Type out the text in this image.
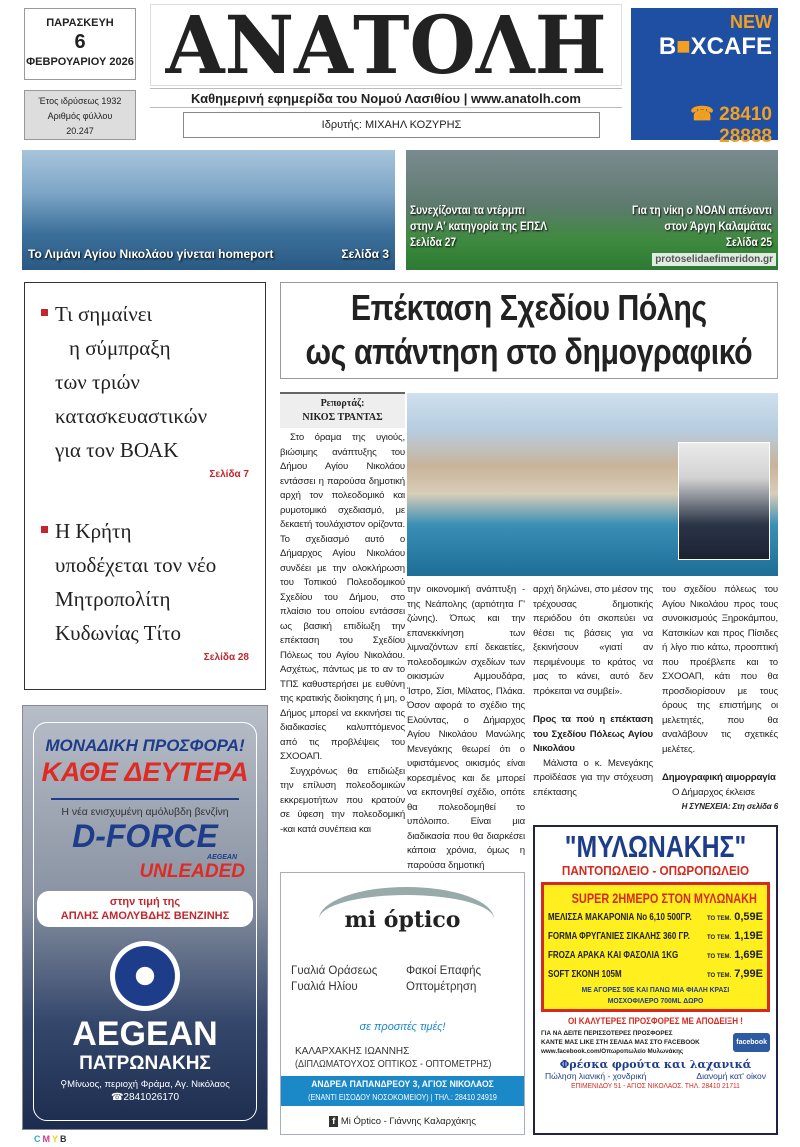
ΠΑΡΑΣΚΕΥΗ
6
ΦΕΒΡΟΥΑΡΙΟΥ 2026
Έτος ιδρύσεως 1932
Αριθμός φύλλου
20.247
ΑΝΑΤΟΛΗ
Καθημερινή εφημερίδα του Νομού Λασιθίου | www.anatolh.com
Ιδρυτής: ΜΙΧΑΗΛ ΚΟΖΥΡΗΣ
NEW
B■XCAFE
☎ 28410 28888
Το Λιμάνι Αγίου Νικολάου γίνεται homeport	Σελίδα 3
Συνεχίζονται τα ντέρμπι
στην Α' κατηγορία της ΕΠΣΛ
Σελίδα 27
Για τη νίκη ο ΝΟΑΝ απέναντι
στον Άργη Καλαμάτας
Σελίδα 25
protoselidaefimeridon.gr
Τι σημαίνει
η σύμπραξη
των τριών
κατασκευαστικών
για τον ΒΟΑΚ
Σελίδα 7
Η Κρήτη
υποδέχεται τον νέο
Μητροπολίτη
Κυδωνίας Τίτο
Σελίδα 28
Επέκταση Σχεδίου Πόλης
ως απάντηση στο δημογραφικό
Ρεπορτάζ:
ΝΙΚΟΣ ΤΡΑΝΤΑΣ

Στο όραμα της υγιούς, βιώσιμης ανάπτυξης του Δήμου Αγίου Νικολάου εντάσσει η παρούσα δημοτική αρχή τον πολεοδομικό και ρυμοτομικό σχεδιασμό, με δεκαετή τουλάχιστον ορίζοντα. Το σχεδιασμό αυτό ο Δήμαρχος Αγίου Νικολάου συνδέει με την ολοκλήρωση του Τοπικού Πολεοδομικού Σχεδίου του Δήμου, στο πλαίσιο του οποίου εντάσσει ως βασική επιδίωξη την επέκταση του Σχεδίου Πόλεως του Αγίου Νικολάου. Ασχέτως, πάντως με το αν το ΤΠΣ καθυστερήσει με ευθύνη της κρατικής διοίκησης ή μη, ο Δήμος μπορεί να εκκινήσει τις διαδικασίες καλυπτόμενος από τις προβλέψεις του ΣΧΟΟΑΠ.

Συγχρόνως θα επιδιώξει την επίλυση πολεοδομικών εκκρεμοτήτων που κρατούν σε ύφεση την πολεοδομική -και κατά συνέπεια και

την οικονομική ανάπτυξη - της Νεάπολης (αρτιότητα Γ' ζώνης). Όπως και την επανεκκίνηση των λιμναζόντων επί δεκαετίες, πολεοδομικών σχεδίων των οικισμών Αμμουδάρα, Ίστρο, Σίσι, Μίλατος, Πλάκα. Όσον αφορά το σχέδιο της Ελούντας, ο Δήμαρχος Αγίου Νικολάου Μανώλης Μενεγάκης θεωρεί ότι ο υφιστάμενος οικισμός είναι κορεσμένος και δε μπορεί να εκπονηθεί σχέδιο, οπότε θα πολεοδομηθεί το υπόλοιπο. Είναι μια διαδικασία που θα διαρκέσει κάποια χρόνια, όμως η παρούσα δημοτική

αρχή δηλώνει, στο μέσον της τρέχουσας δημοτικής περιόδου ότι σκοπεύει να θέσει τις βάσεις για να ξεκινήσουν «γιατί αν περιμένουμε το κράτος να μας το κάνει, αυτό δεν πρόκειται να συμβεί».

Προς τα πού η επέκταση του Σχεδίου Πόλεως Αγίου Νικολάου

Μάλιστα ο κ. Μενεγάκης προϊδέασε για την στόχευση επέκτασης

του σχεδίου πόλεως του Αγίου Νικολάου προς τους συνοικισμούς Ξηροκάμπου, Κατσικίων και προς Πίσιδες ή λίγο πιο κάτω, προοπτική που προέβλεπε και το ΣΧΟΟΑΠ, κάτι που θα προσδιορίσουν με τους όρους της επιστήμης οι μελετητές, που θα αναλάβουν τις σχετικές μελέτες.

Δημογραφική αιμορραγία

Ο Δήμαρχος έκλεισε

Η ΣΥΝΕΧΕΙΑ: Στη σελίδα 6
ΜΟΝΑΔΙΚΗ ΠΡΟΣΦΟΡΑ!
ΚΑΘΕ ΔΕΥΤΕΡΑ
Η νέα ενισχυμένη αμόλυβδη βενζίνη
D-FORCE
AEGEAN
UNLEADED
στην τιμή της
ΑΠΛΗΣ ΑΜΟΛΥΒΔΗΣ ΒΕΝΖΙΝΗΣ
AEGEAN
ΠΑΤΡΩΝΑΚΗΣ
⚲Μίνωος, περιοχή Φράμα, Αγ. Νικόλαος
☎2841026170
mi óptico
Γυαλιά Οράσεως	Φακοί Επαφής
Γυαλιά Ηλίου	Οπτομέτρηση
σε προσιτές τιμές!
ΚΑΛΑΡΧΑΚΗΣ ΙΩΑΝΝΗΣ
(ΔΙΠΛΩΜΑΤΟΥΧΟΣ ΟΠΤΙΚΟΣ - ΟΠΤΟΜΕΤΡΗΣ)
ΑΝΔΡΕΑ ΠΑΠΑΝΔΡΕΟΥ 3, ΑΓΙΟΣ ΝΙΚΟΛΑΟΣ
(ΕΝΑΝΤΙ ΕΙΣΟΔΟΥ ΝΟΣΟΚΟΜΕΙΟΥ) | ΤΗΛ.: 28410 24919
f Mi Óptico - Γιάννης Καλαρχάκης
"ΜΥΛΩΝΑΚΗΣ"
ΠΑΝΤΟΠΩΛΕΙΟ - ΟΠΩΡΟΠΩΛΕΙΟ
SUPER 2ΗΜΕΡΟ ΣΤΟΝ ΜΥΛΩΝΑΚΗ
ΜΕΛΙΣΣΑ ΜΑΚΑΡΟΝΙΑ Νο 6,10 500ΓΡ.	ΤΟ ΤΕΜ. 0,59Ε
FORMA ΦΡΥΓΑΝΙΕΣ ΣΙΚΑΛΗΣ 360 ΓΡ.	ΤΟ ΤΕΜ. 1,19Ε
FROZA ΑΡΑΚΑ ΚΑΙ ΦΑΣΟΛΙΑ 1KG	ΤΟ ΤΕΜ. 1,69Ε
SOFT ΣΚΟΝΗ 105Μ	ΤΟ ΤΕΜ. 7,99Ε
ΜΕ ΑΓΟΡΕΣ 50Ε ΚΑΙ ΠΑΝΩ ΜΙΑ ΦΙΑΛΗ ΚΡΑΣΙ
ΜΟΣΧΟΦΙΛΕΡΟ 700ML ΔΩΡΟ
ΟΙ ΚΑΛΥΤΕΡΕΣ ΠΡΟΣΦΟΡΕΣ ΜΕ ΑΠΟΔΕΙΞΗ !
ΓΙΑ ΝΑ ΔΕΙΤΕ ΠΕΡΙΣΣΟΤΕΡΕΣ ΠΡΟΣΦΟΡΕΣ
ΚΑΝΤΕ ΜΑΣ LIKE ΣΤΗ ΣΕΛΙΔΑ ΜΑΣ ΣΤΟ FACEBOOK
www.facebook.com/Οπωροπωλείο Μυλωνάκης
facebook
Φρέσκα φρούτα και λαχανικά
Πώληση λιανική - χονδρική	Διανομή κατ' οίκον
ΕΠΙΜΕΝΙΔΟΥ 51 - ΑΓΙΟΣ ΝΙΚΟΛΑΟΣ. ΤΗΛ. 28410 21711
CMYB
